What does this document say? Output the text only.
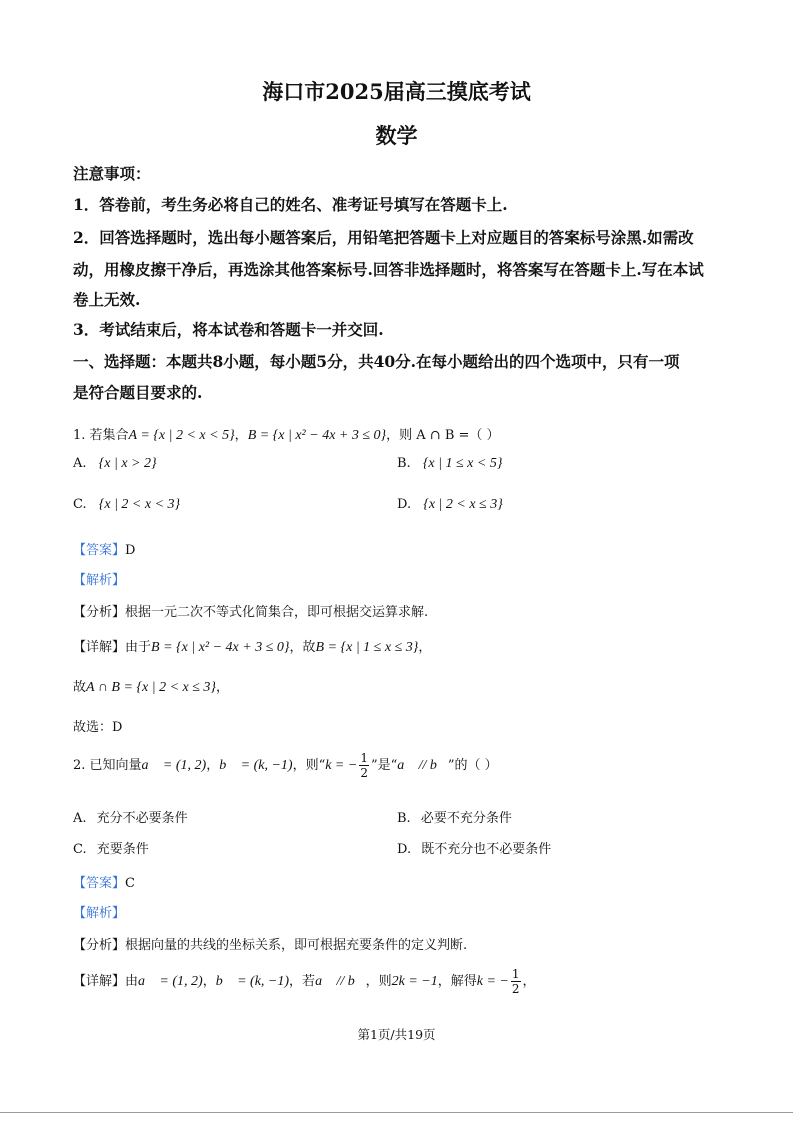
海口市2025届高三摸底考试
数学
注意事项：
1．答卷前，考生务必将自己的姓名、准考证号填写在答题卡上.
2．回答选择题时，选出每小题答案后，用铅笔把答题卡上对应题目的答案标号涂黑.如需改
动，用橡皮擦干净后，再选涂其他答案标号.回答非选择题时，将答案写在答题卡上.写在本试
卷上无效.
3．考试结束后，将本试卷和答题卡一并交回.
一、选择题：本题共8小题，每小题5分，共40分.在每小题给出的四个选项中，只有一项
是符合题目要求的.
1. 若集合A = {x | 2 < x < 5}，B = {x | x² − 4x + 3 ≤ 0}，则 A ∩ B =（ ）
A. {x | x > 2}	B. {x | 1 ≤ x < 5}
C. {x | 2 < x < 3}	D. {x | 2 < x ≤ 3}
【答案】D
【解析】
【分析】根据一元二次不等式化简集合，即可根据交运算求解.
【详解】由于B = {x | x² − 4x + 3 ≤ 0}，故B = {x | 1 ≤ x ≤ 3}，
故A ∩ B = {x | 2 < x ≤ 3}，
故选：D
2. 已知向量a⃗ = (1, 2)，b⃗ = (k, −1)，则“k = − $\frac{1}{2}$ ”是“a⃗ // b⃗”的（ ）
A. 充分不必要条件	B. 必要不充分条件
C. 充要条件	D. 既不充分也不必要条件
【答案】C
【解析】
【分析】根据向量的共线的坐标关系，即可根据充要条件的定义判断.
【详解】由a⃗ = (1, 2)，b⃗ = (k, −1)，若a⃗ // b⃗，则2k = −1，解得k = − $\frac{1}{2}$ ，
第1页/共19页
